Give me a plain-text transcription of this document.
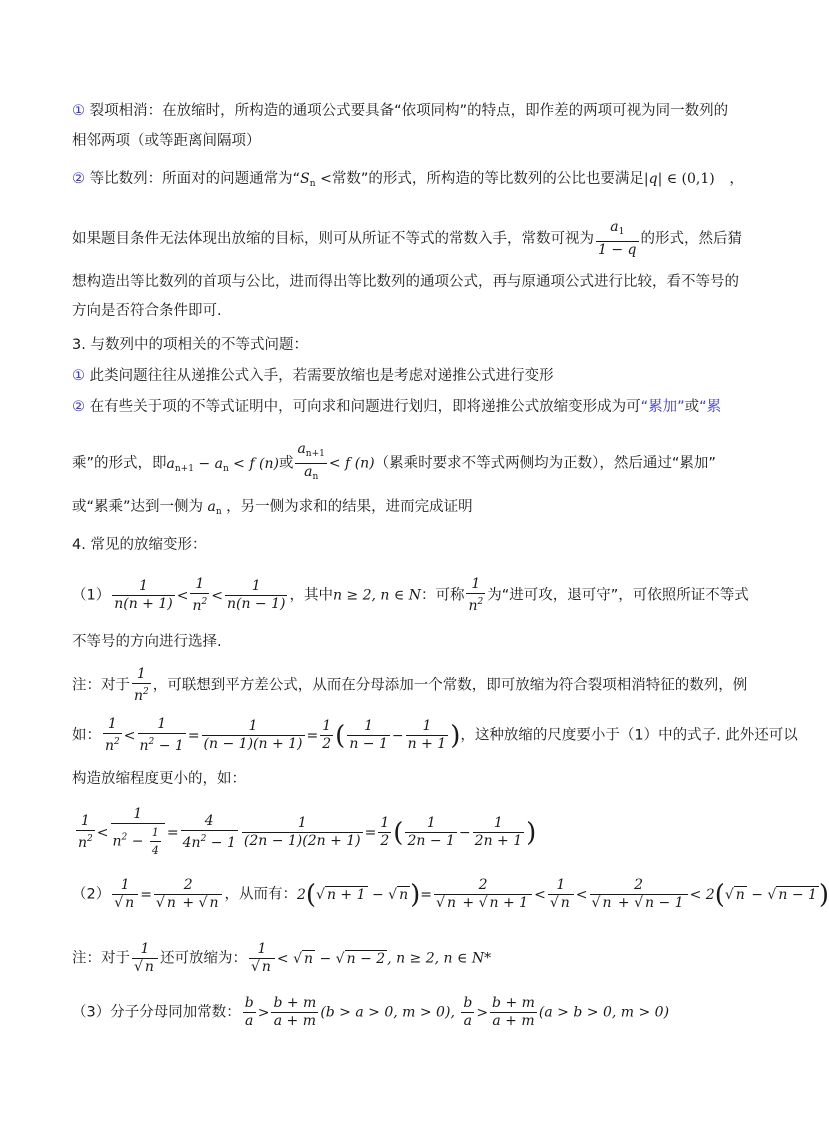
① 裂项相消：在放缩时，所构造的通项公式要具备“依项同构”的特点，即作差的两项可视为同一数列的
相邻两项（或等距离间隔项）
② 等比数列：所面对的问题通常为“$S_n$ <常数”的形式，所构造的等比数列的公比也要满足|q| ∈ (0,1) ，
如果题目条件无法体现出放缩的目标，则可从所证不等式的常数入手，常数可视为 $\frac{a_1}{1 - q}$ 的形式，然后猜
想构造出等比数列的首项与公比，进而得出等比数列的通项公式，再与原通项公式进行比较，看不等号的
方向是否符合条件即可.
3. 与数列中的项相关的不等式问题：
① 此类问题往往从递推公式入手，若需要放缩也是考虑对递推公式进行变形
② 在有些关于项的不等式证明中，可向求和问题进行划归，即将递推公式放缩变形成为可“累加”或“累
乘”的形式，即$a_{n+1} - a_n < f$ (n)或 $\frac{a_{n+1}}{a_n} < f$ (n)（累乘时要求不等式两侧均为正数），然后通过“累加”
或“累乘”达到一侧为 $a_n$ ，另一侧为求和的结果，进而完成证明
4. 常见的放缩变形：
$(1) \frac{1}{n(n + 1)} < \frac{1}{n^2} < \frac{1}{n(n - 1)}$ ，其中n ≥ 2, n ∈ N：可称 $\frac{1}{n^2}$ 为“进可攻，退可守”，可依照所证不等式
不等号的方向进行选择.
注：对于 $\frac{1}{n^2}$ ，可联想到平方差公式，从而在分母添加一个常数，即可放缩为符合裂项相消特征的数列，例
如： $\frac{1}{n^2} < \frac{1}{n^2 - 1} = \frac{1}{(n - 1)(n + 1)} = \frac{1}{2}$ ( $\frac{1}{n - 1} - \frac{1}{n + 1}$ )，这种放缩的尺度要小于（1）中的式子. 此外还可以
构造放缩程度更小的，如：
$\frac{1}{n^2} < \frac{1}{n^2 - \frac{1}{4}} = \frac{4}{4n^2 - 1} \frac{1}{(2n - 1)(2n + 1)} = \frac{1}{2}$ ( $\frac{1}{2n - 1} - \frac{1}{2n + 1}$ )
$(2) \frac{1}{√ n} = \frac{2}{√ n + √ n}$ ，从而有：2(√ n + 1 − √ $n)= \frac{2}{√ n + √ n + 1} < \frac{1}{√ n} < \frac{2}{√ n + √ n - 1} < 2(√$ n − √ n − 1)
注：对于 $\frac{1}{√ n}$ 还可放缩为： $\frac{1}{√ n}$ < √ n − √ n − 2 , n ≥ 2, n ∈ N*
（3）分子分母同加常数： $\frac{b}{a} > \frac{b + m}{a + m} (b > a > 0$, m > 0), $\frac{b}{a} > \frac{b + m}{a + m} (a > b > 0$, m > 0)
